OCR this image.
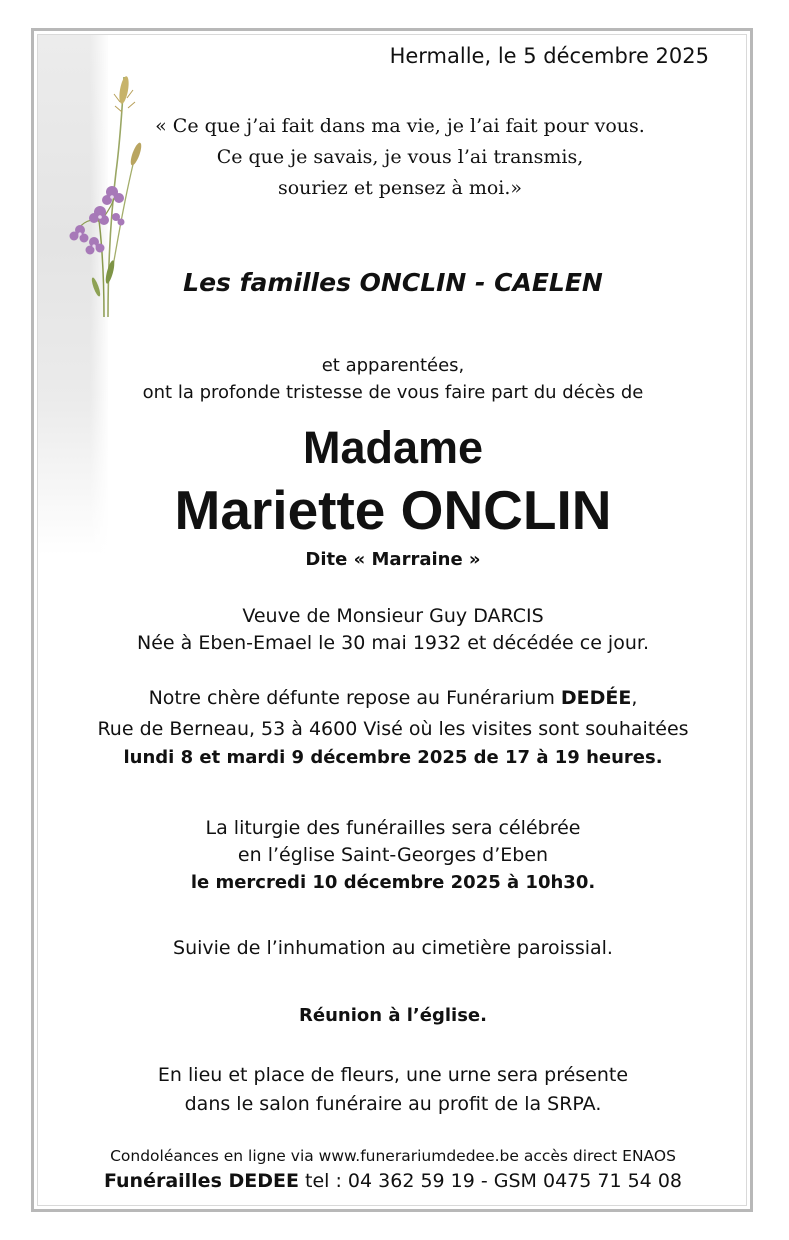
Hermalle, le 5 décembre 2025

« Ce que j’ai fait dans ma vie, je l’ai fait pour vous.

Ce que je savais, je vous l’ai transmis,

souriez et pensez à moi.»

Les familles ONCLIN - CAELEN

et apparentées,

ont la profonde tristesse de vous faire part du décès de

Madame

Mariette ONCLIN

Dite « Marraine »

Veuve de Monsieur Guy DARCIS

Née à Eben-Emael le 30 mai 1932 et décédée ce jour.

Notre chère défunte repose au Funérarium DEDÉE,

Rue de Berneau, 53 à 4600 Visé où les visites sont souhaitées

lundi 8 et mardi 9 décembre 2025 de 17 à 19 heures.

La liturgie des funérailles sera célébrée

en l’église Saint-Georges d’Eben

le mercredi 10 décembre 2025 à 10h30.

Suivie de l’inhumation au cimetière paroissial.

Réunion à l’église.

En lieu et place de fleurs, une urne sera présente

dans le salon funéraire au profit de la SRPA.

Condoléances en ligne via www.funerariumdedee.be accès direct ENAOS

Funérailles DEDEE tel : 04 362 59 19 - GSM 0475 71 54 08
